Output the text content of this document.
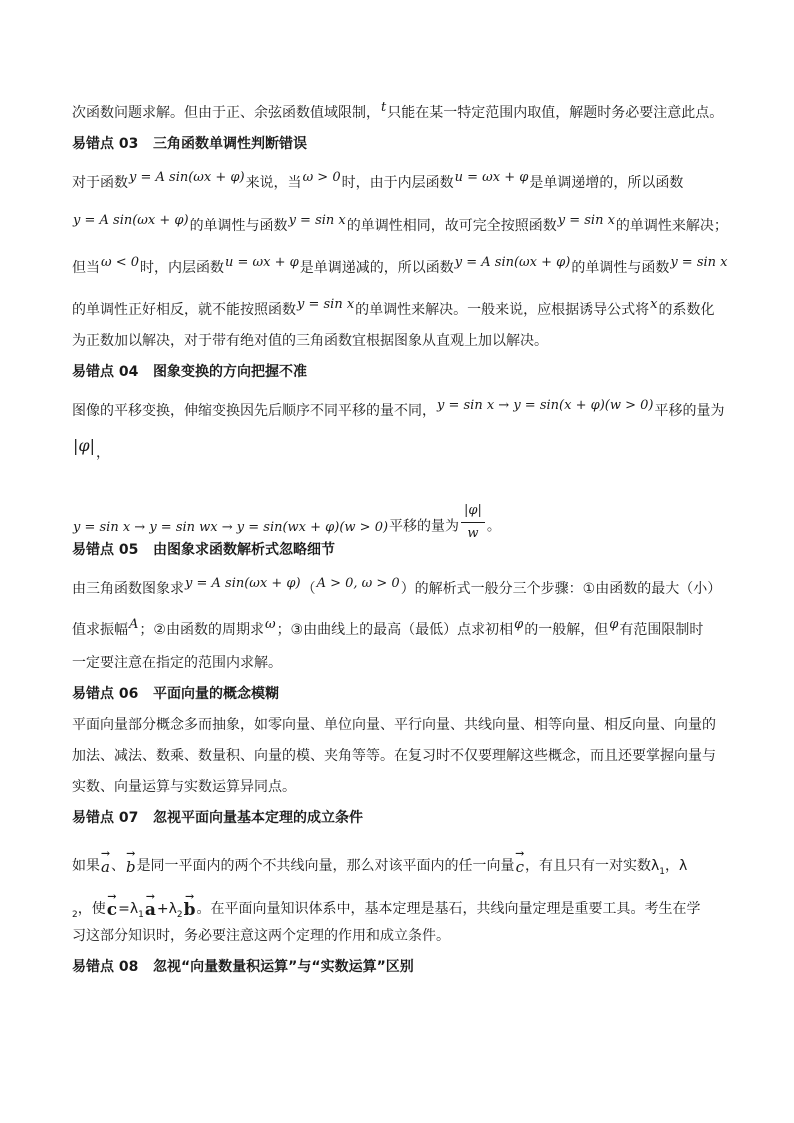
次函数问题求解。但由于正、余弦函数值域限制，t只能在某一特定范围内取值，解题时务必要注意此点。
易错点 03 三角函数单调性判断错误
对于函数y = A sin(ωx + φ)来说，当ω > 0时，由于内层函数u = ωx + φ是单调递增的，所以函数
y = A sin(ωx + φ)的单调性与函数y = sin x的单调性相同，故可完全按照函数y = sin x的单调性来解决；
但当ω < 0时，内层函数u = ωx + φ是单调递减的，所以函数y = A sin(ωx + φ)的单调性与函数y = sin x
的单调性正好相反，就不能按照函数y = sin x的单调性来解决。一般来说，应根据诱导公式将x的系数化
为正数加以解决，对于带有绝对值的三角函数宜根据图象从直观上加以解决。
易错点 04 图象变换的方向把握不准
图像的平移变换，伸缩变换因先后顺序不同平移的量不同，y = sin x → y = sin(x + φ)(w > 0)平移的量为
|φ|，
y = sin x → y = sin wx → y = sin(wx + φ)(w > 0)平移的量为 $\frac{|\varphi|}{w}$ 。
易错点 05 由图象求函数解析式忽略细节
由三角函数图象求y = A sin(ωx + φ)（A > 0, ω > 0）的解析式一般分三个步骤：①由函数的最大（小）
值求振幅A；②由函数的周期求ω；③由曲线上的最高（最低）点求初相φ的一般解，但φ有范围限制时
一定要注意在指定的范围内求解。
易错点 06 平面向量的概念模糊
平面向量部分概念多而抽象，如零向量、单位向量、平行向量、共线向量、相等向量、相反向量、向量的
加法、减法、数乘、数量积、向量的模、夹角等等。在复习时不仅要理解这些概念，而且还要掌握向量与
实数、向量运算与实数运算异同点。
易错点 07 忽视平面向量基本定理的成立条件
如果→ a、→ b是同一平面内的两个不共线向量，那么对该平面内的任一向量→ c，有且只有一对实数$\lambda_1$，λ
$_2$，使→ $c=\lambda_1\to a+\lambda_2\to b$。在平面向量知识体系中，基本定理是基石，共线向量定理是重要工具。考生在学
习这部分知识时，务必要注意这两个定理的作用和成立条件。
易错点 08 忽视“向量数量积运算”与“实数运算”区别
